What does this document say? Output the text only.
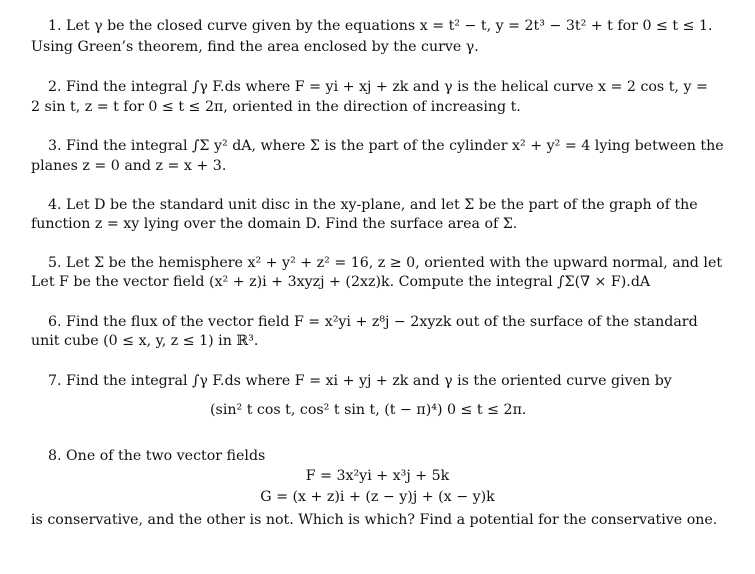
1. Let γ be the closed curve given by the equations x = t² − t, y = 2t³ − 3t² + t for 0 ≤ t ≤ 1.
Using Green’s theorem, find the area enclosed by the curve γ.
2. Find the integral ∫γ F.ds where F = yi + xj + zk and γ is the helical curve x = 2 cos t, y =
2 sin t, z = t for 0 ≤ t ≤ 2π, oriented in the direction of increasing t.
3. Find the integral ∫Σ y² dA, where Σ is the part of the cylinder x² + y² = 4 lying between the
planes z = 0 and z = x + 3.
4. Let D be the standard unit disc in the xy-plane, and let Σ be the part of the graph of the
function z = xy lying over the domain D. Find the surface area of Σ.
5. Let Σ be the hemisphere x² + y² + z² = 16, z ≥ 0, oriented with the upward normal, and let
Let F be the vector field (x² + z)i + 3xyzj + (2xz)k. Compute the integral ∫Σ(∇ × F).dA
6. Find the flux of the vector field F = x²yi + z⁸j − 2xyzk out of the surface of the standard
unit cube (0 ≤ x, y, z ≤ 1) in ℝ³.
7. Find the integral ∫γ F.ds where F = xi + yj + zk and γ is the oriented curve given by
(sin² t cos t, cos² t sin t, (t − π)⁴) 0 ≤ t ≤ 2π.
8. One of the two vector fields
F = 3x²yi + x³j + 5k
G = (x + z)i + (z − y)j + (x − y)k
is conservative, and the other is not. Which is which? Find a potential for the conservative one.
